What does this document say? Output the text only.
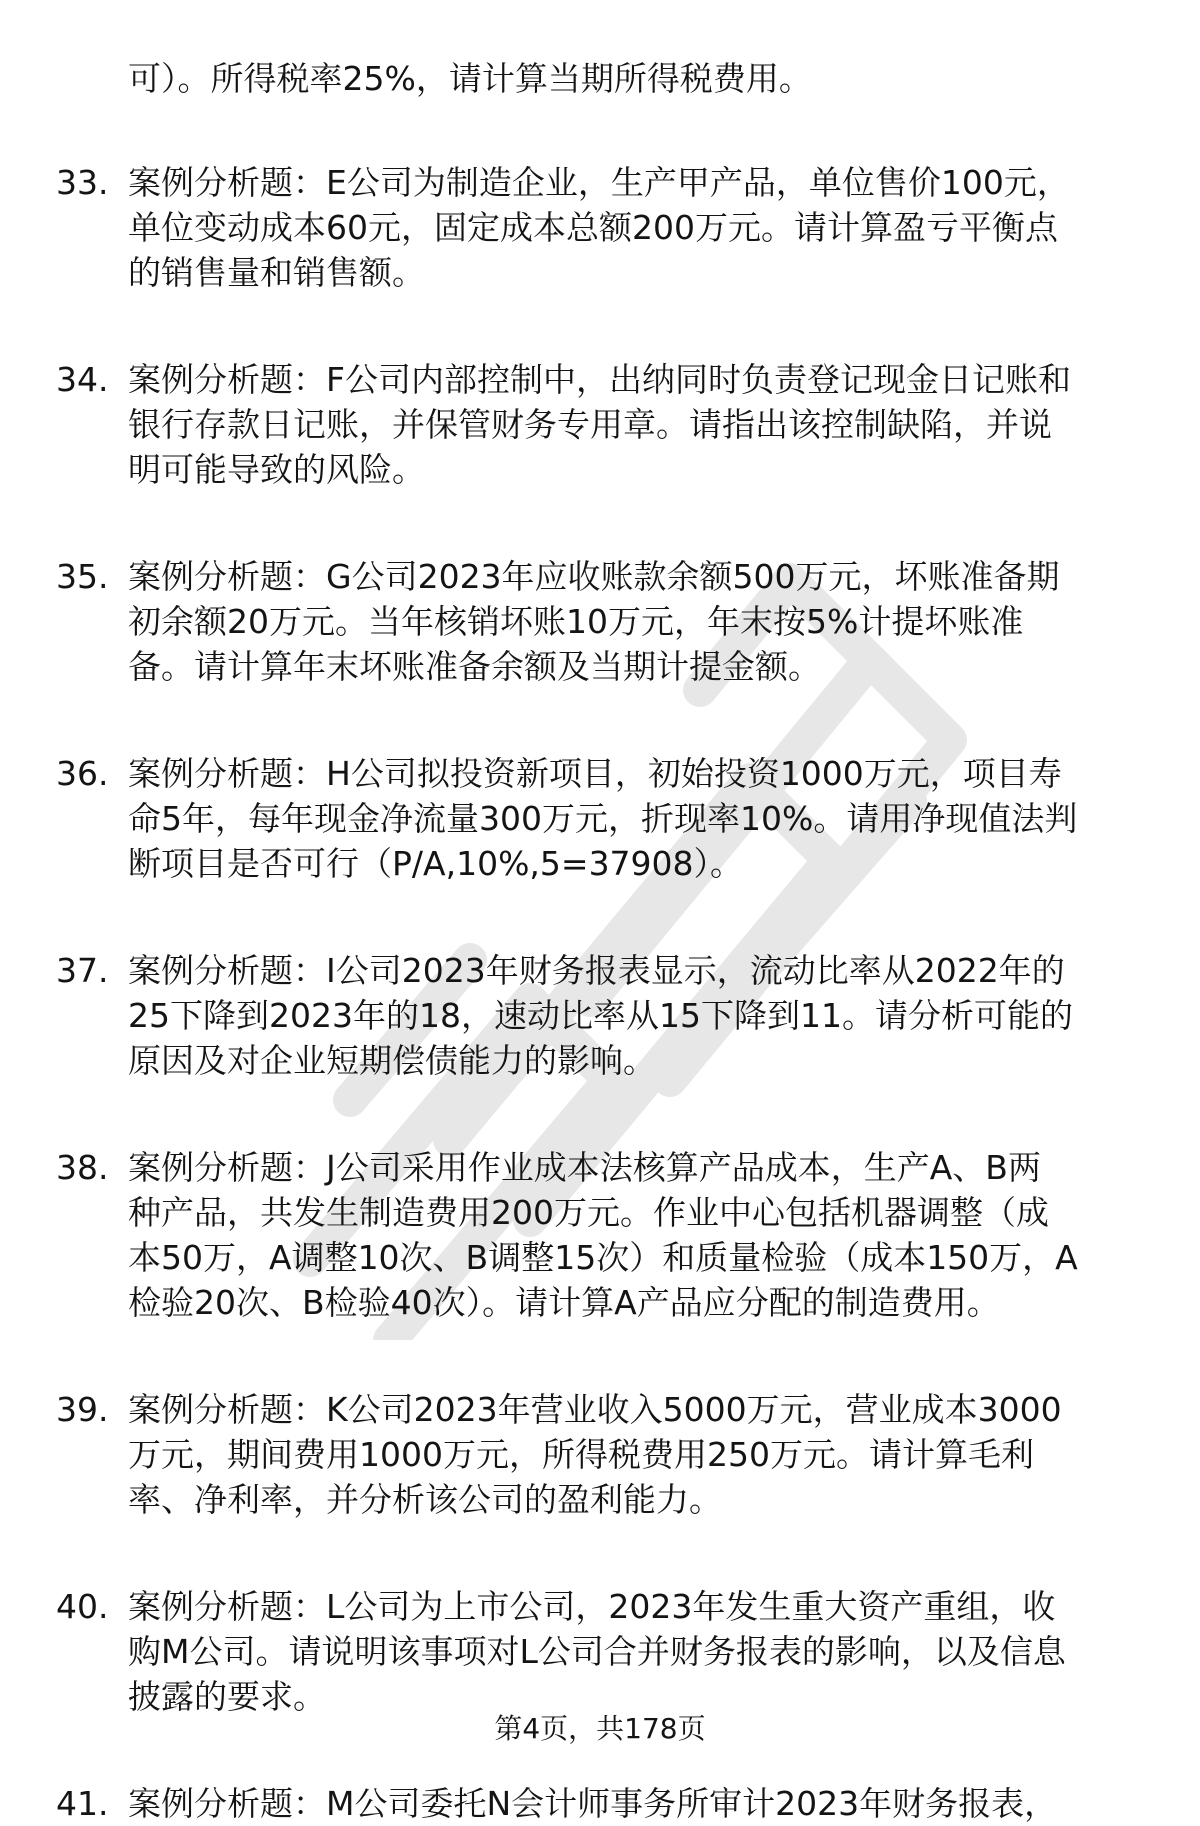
可）。所得税率25%，请计算当期所得税费用。
33. 案例分析题：E公司为制造企业，生产甲产品，单位售价100元，
单位变动成本60元，固定成本总额200万元。请计算盈亏平衡点
的销售量和销售额。
34. 案例分析题：F公司内部控制中，出纳同时负责登记现金日记账和
银行存款日记账，并保管财务专用章。请指出该控制缺陷，并说
明可能导致的风险。
35. 案例分析题：G公司2023年应收账款余额500万元，坏账准备期
初余额20万元。当年核销坏账10万元，年末按5%计提坏账准
备。请计算年末坏账准备余额及当期计提金额。
36. 案例分析题：H公司拟投资新项目，初始投资1000万元，项目寿
命5年，每年现金净流量300万元，折现率10%。请用净现值法判
断项目是否可行（P/A,10%,5=37908）。
37. 案例分析题：I公司2023年财务报表显示，流动比率从2022年的
25下降到2023年的18，速动比率从15下降到11。请分析可能的
原因及对企业短期偿债能力的影响。
38. 案例分析题：J公司采用作业成本法核算产品成本，生产A、B两
种产品，共发生制造费用200万元。作业中心包括机器调整（成
本50万，A调整10次、B调整15次）和质量检验（成本150万，A
检验20次、B检验40次）。请计算A产品应分配的制造费用。
39. 案例分析题：K公司2023年营业收入5000万元，营业成本3000
万元，期间费用1000万元，所得税费用250万元。请计算毛利
率、净利率，并分析该公司的盈利能力。
40. 案例分析题：L公司为上市公司，2023年发生重大资产重组，收
购M公司。请说明该事项对L公司合并财务报表的影响，以及信息
披露的要求。
41. 案例分析题：M公司委托N会计师事务所审计2023年财务报表，
第4页，共178页
